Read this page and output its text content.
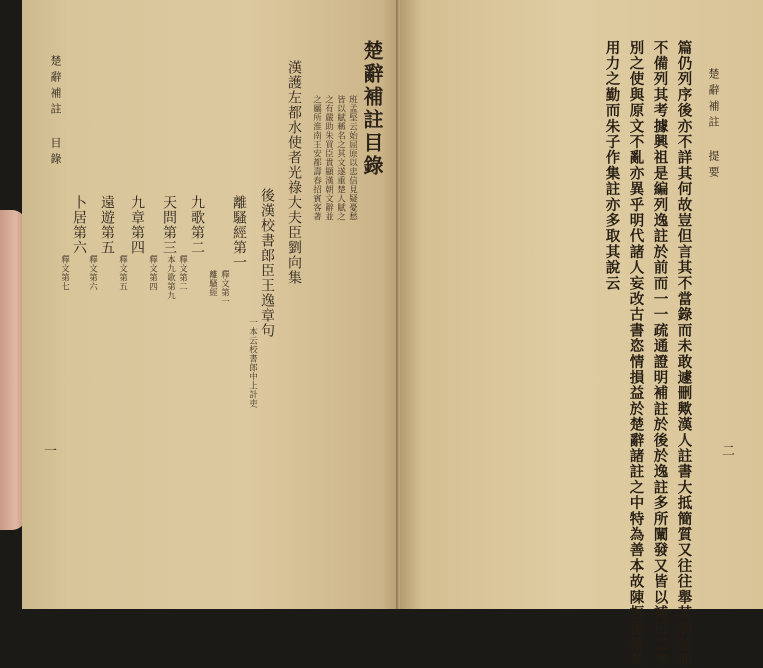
楚辭補註目錄
班孟堅云始屈原以忠信見疑憂愁
皆以賦稱名之其文遂重楚人賦之
之有嚴助朱買臣貴顯漢朝文辭並
之屬所淮南王安都壽春招賓客著
漢護左都水使者光祿大夫臣劉向集
後漢校書郎臣王逸章句
一本云校書郎中上計吏
離騷經第一
釋文第一
離騷經
九歌第二
釋文第二
本九歌第九
天問第三
釋文第四
九章第四
釋文第五
遠遊第五
釋文第六
卜居第六
釋文第七
楚辭補註 目錄
一
楚辭補註 提要
二
篇仍列序後亦不詳其何故豈但言其不當錄而未敢遽刪歟漢人註書大抵簡質又往往舉其訓詁而
不備列其考據興祖是編列逸註於前而一一疏通證明補註於後於逸註多所闡發又皆以補曰二字
別之使與原文不亂亦異乎明代諸人妄改古書恣情損益於楚辭諸註之中特為善本故陳振孫稱其
用力之勤而朱子作集註亦多取其說云
